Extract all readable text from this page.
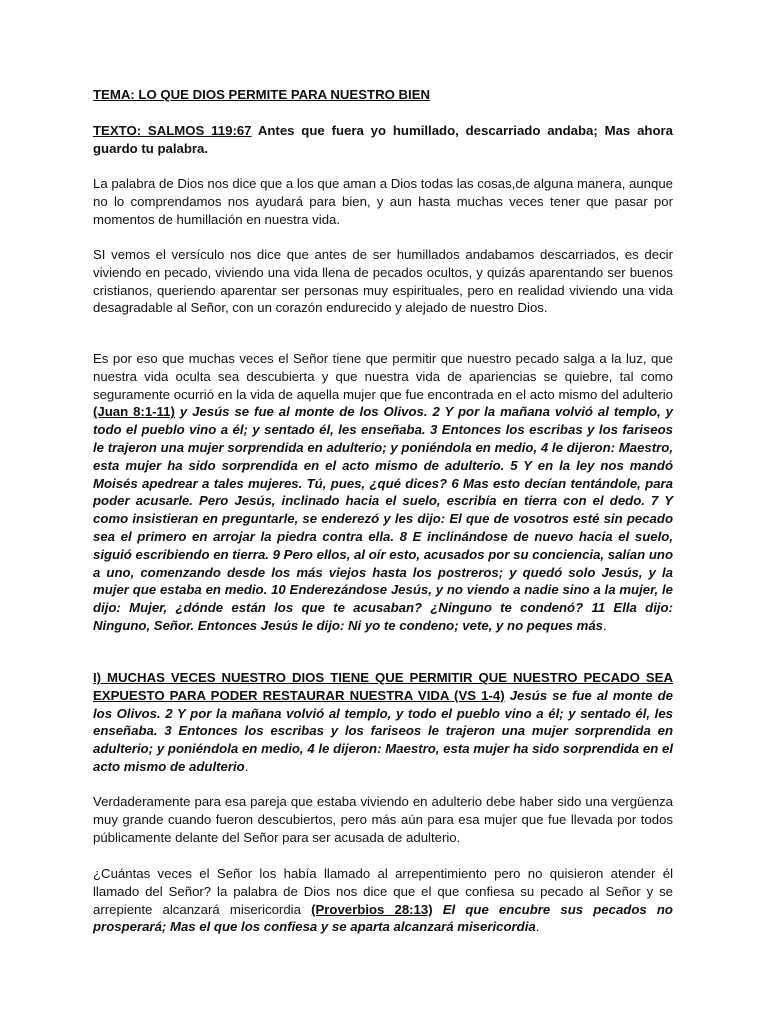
TEMA: LO QUE DIOS PERMITE PARA NUESTRO BIEN

TEXTO: SALMOS 119:67 Antes que fuera yo humillado, descarriado andaba; Mas ahora guardo tu palabra.

La palabra de Dios nos dice que a los que aman a Dios todas las cosas,de alguna manera, aunque no lo comprendamos nos ayudará para bien, y aun hasta muchas veces tener que pasar por momentos de humillación en nuestra vida.

SI vemos el versículo nos dice que antes de ser humillados andabamos descarriados, es decir viviendo en pecado, viviendo una vida llena de pecados ocultos, y quizás aparentando ser buenos cristianos, queriendo aparentar ser personas muy espirituales, pero en realidad viviendo una vida desagradable al Señor, con un corazón endurecido y alejado de nuestro Dios.

Es por eso que muchas veces el Señor tiene que permitir que nuestro pecado salga a la luz, que nuestra vida oculta sea descubierta y que nuestra vida de apariencias se quiebre, tal como seguramente ocurrió en la vida de aquella mujer que fue encontrada en el acto mismo del adulterio (Juan 8:1-11) y Jesús se fue al monte de los Olivos. 2 Y por la mañana volvió al templo, y todo el pueblo vino a él; y sentado él, les enseñaba. 3 Entonces los escribas y los fariseos le trajeron una mujer sorprendida en adulterio; y poniéndola en medio, 4 le dijeron: Maestro, esta mujer ha sido sorprendida en el acto mismo de adulterio. 5 Y en la ley nos mandó Moisés apedrear a tales mujeres. Tú, pues, ¿qué dices? 6 Mas esto decían tentándole, para poder acusarle. Pero Jesús, inclinado hacia el suelo, escribía en tierra con el dedo. 7 Y como insistieran en preguntarle, se enderezó y les dijo: El que de vosotros esté sin pecado sea el primero en arrojar la piedra contra ella. 8 E inclinándose de nuevo hacia el suelo, siguió escribiendo en tierra. 9 Pero ellos, al oír esto, acusados por su conciencia, salían uno a uno, comenzando desde los más viejos hasta los postreros; y quedó solo Jesús, y la mujer que estaba en medio. 10 Enderezándose Jesús, y no viendo a nadie sino a la mujer, le dijo: Mujer, ¿dónde están los que te acusaban? ¿Ninguno te condenó? 11 Ella dijo: Ninguno, Señor. Entonces Jesús le dijo: Ni yo te condeno; vete, y no peques más.

I) MUCHAS VECES NUESTRO DIOS TIENE QUE PERMITIR QUE NUESTRO PECADO SEA EXPUESTO PARA PODER RESTAURAR NUESTRA VIDA (VS 1-4) Jesús se fue al monte de los Olivos. 2 Y por la mañana volvió al templo, y todo el pueblo vino a él; y sentado él, les enseñaba. 3 Entonces los escribas y los fariseos le trajeron una mujer sorprendida en adulterio; y poniéndola en medio, 4 le dijeron: Maestro, esta mujer ha sido sorprendida en el acto mismo de adulterio.

Verdaderamente para esa pareja que estaba viviendo en adulterio debe haber sido una vergüenza muy grande cuando fueron descubiertos, pero más aún para esa mujer que fue llevada por todos públicamente delante del Señor para ser acusada de adulterio.

¿Cuántas veces el Señor los había llamado al arrepentimiento pero no quisieron atender él llamado del Señor? la palabra de Dios nos dice que el que confiesa su pecado al Señor y se arrepiente alcanzará misericordia (Proverbios 28:13) El que encubre sus pecados no prosperará; Mas el que los confiesa y se aparta alcanzará misericordia.
